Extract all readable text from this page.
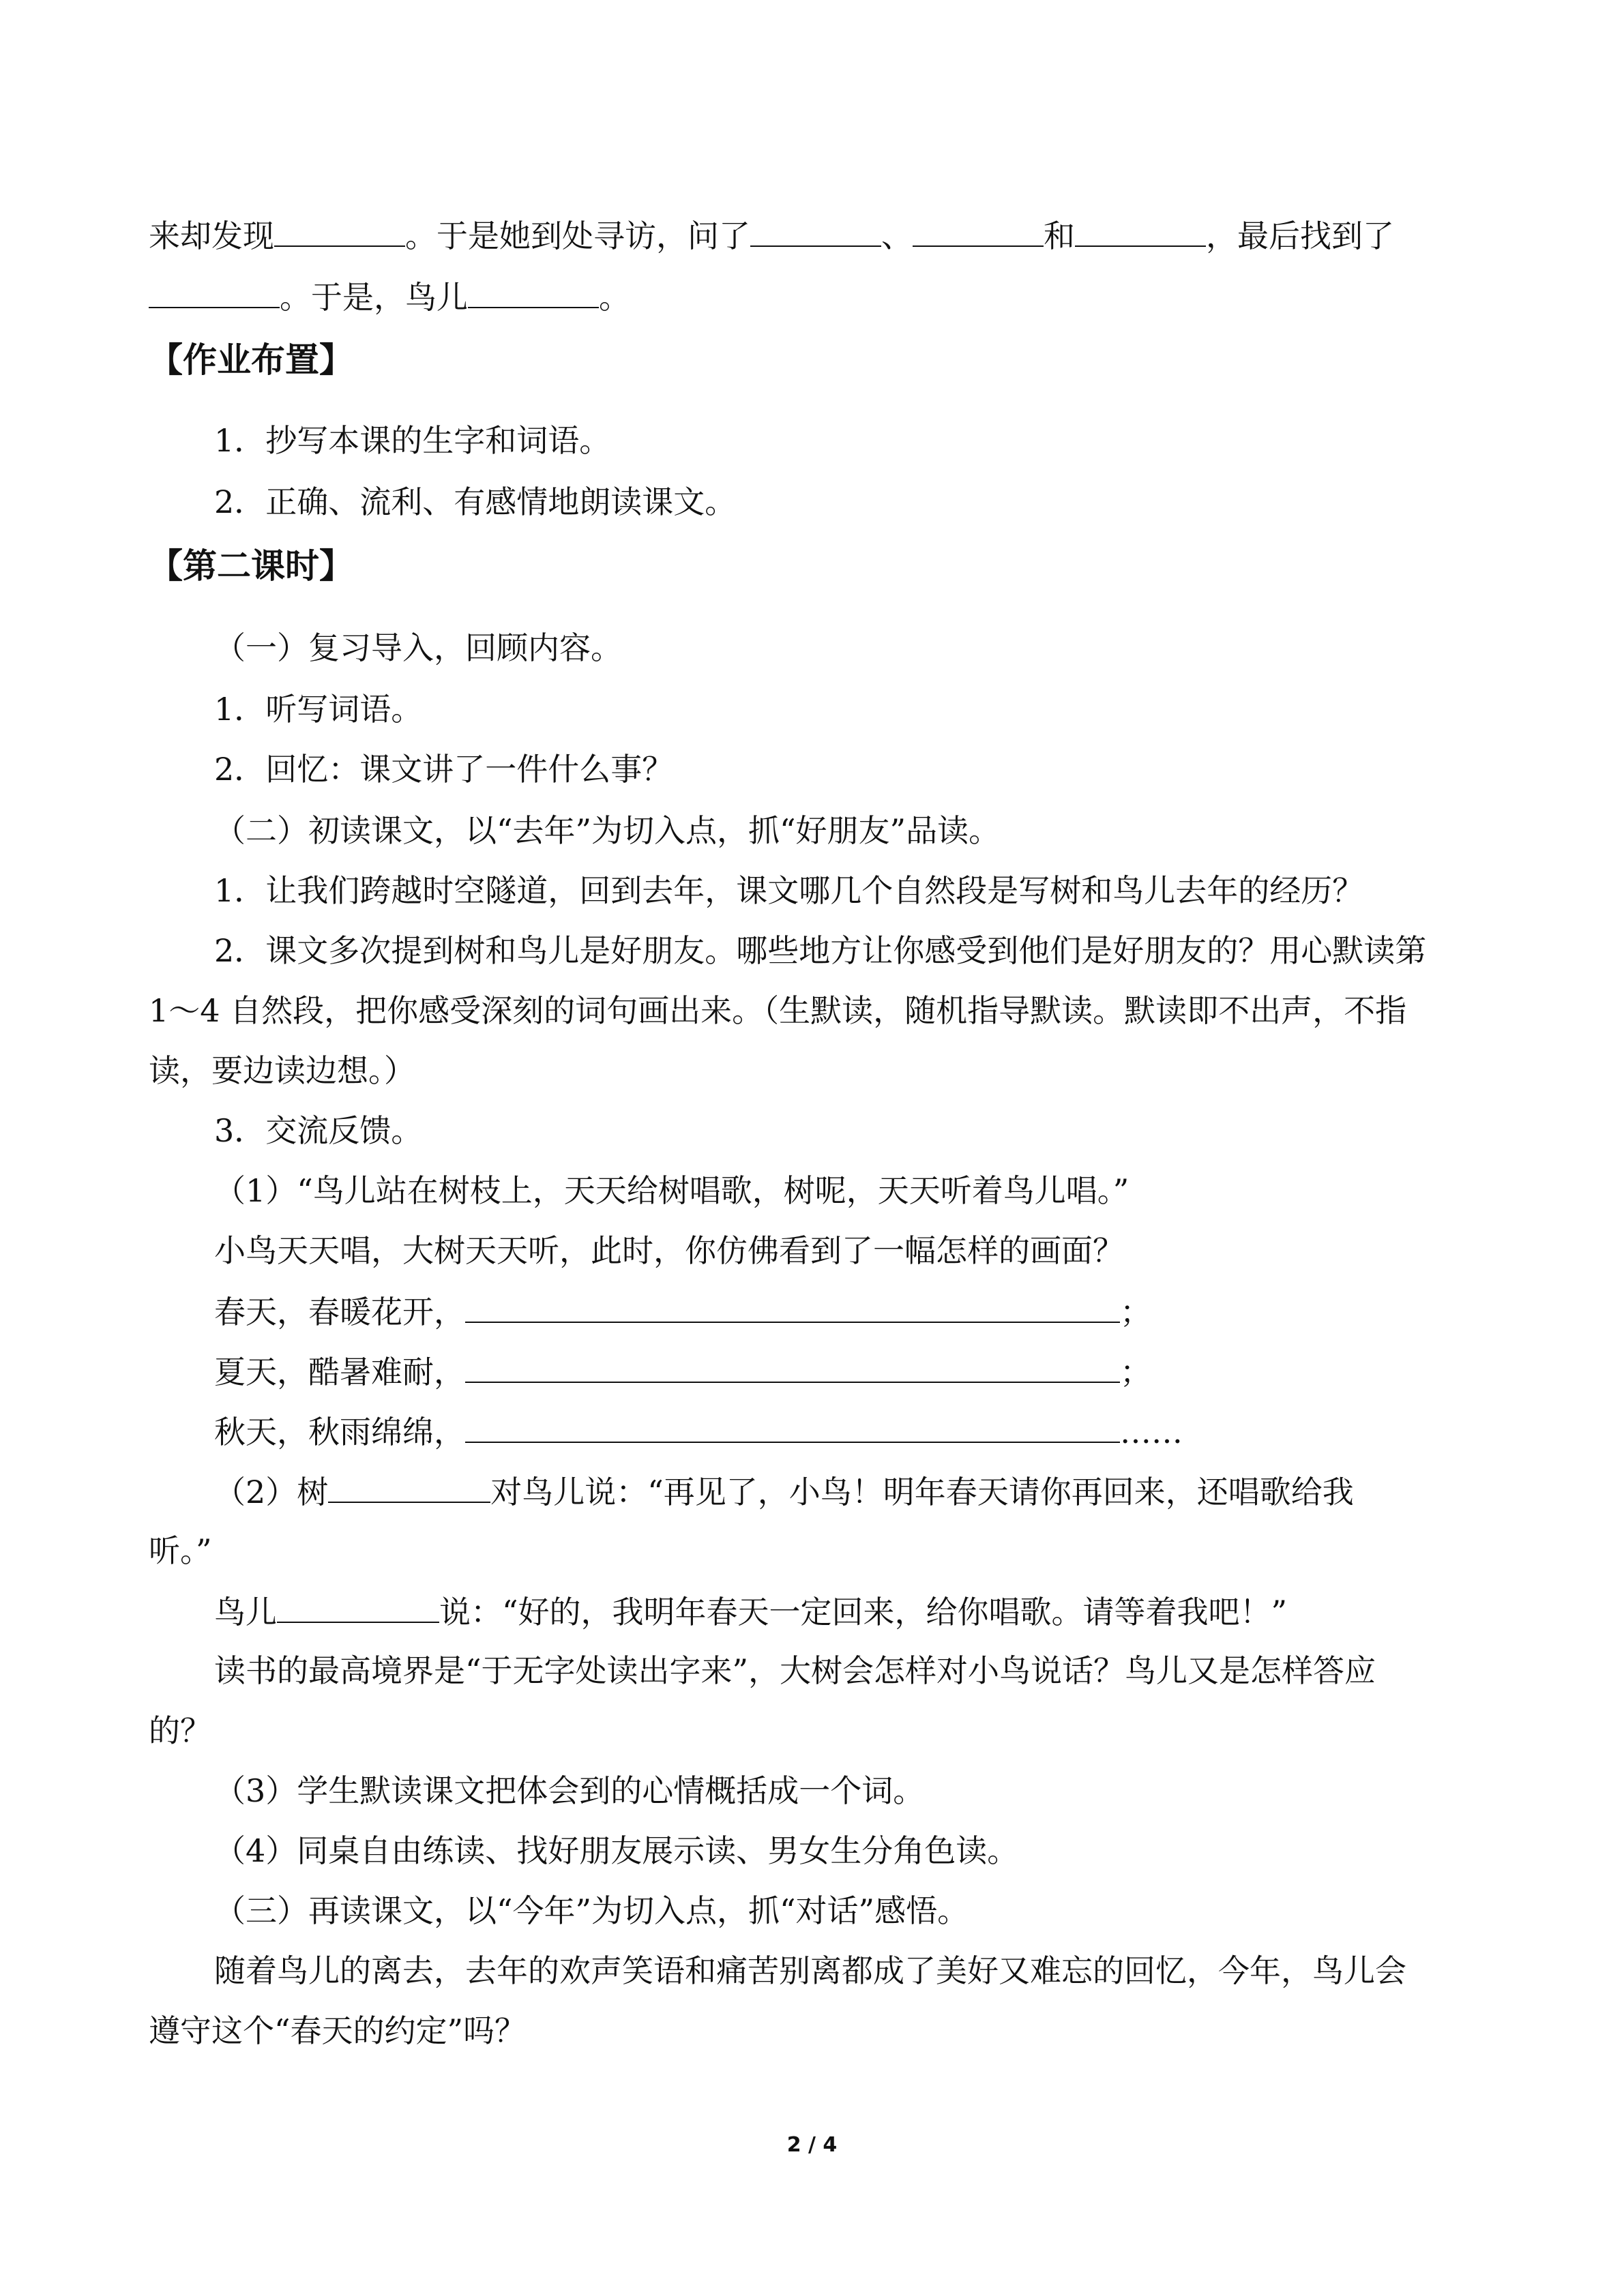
来却发现	。于是她到处寻访，问了	、	和	，最后找到了
。于是，鸟儿	。
【作业布置】
1．抄写本课的生字和词语。
2．正确、流利、有感情地朗读课文。
【第二课时】
（一）复习导入，回顾内容。
1．听写词语。
2．回忆：课文讲了一件什么事？
（二）初读课文，以“去年”为切入点，抓“好朋友”品读。
1．让我们跨越时空隧道，回到去年，课文哪几个自然段是写树和鸟儿去年的经历？
2．课文多次提到树和鸟儿是好朋友。哪些地方让你感受到他们是好朋友的？用心默读第
1～4 自然段，把你感受深刻的词句画出来。（生默读，随机指导默读。默读即不出声，不指
读，要边读边想。）
3．交流反馈。
（1）“鸟儿站在树枝上，天天给树唱歌，树呢，天天听着鸟儿唱。”
小鸟天天唱，大树天天听，此时，你仿佛看到了一幅怎样的画面？
春天，春暖花开，	；
夏天，酷暑难耐，	；
秋天，秋雨绵绵，	……
（2）树	对鸟儿说：“再见了，小鸟！明年春天请你再回来，还唱歌给我
听。”
鸟儿	说：“好的，我明年春天一定回来，给你唱歌。请等着我吧！”
读书的最高境界是“于无字处读出字来”，大树会怎样对小鸟说话？鸟儿又是怎样答应
的？
（3）学生默读课文把体会到的心情概括成一个词。
（4）同桌自由练读、找好朋友展示读、男女生分角色读。
（三）再读课文，以“今年”为切入点，抓“对话”感悟。
随着鸟儿的离去，去年的欢声笑语和痛苦别离都成了美好又难忘的回忆，今年，鸟儿会
遵守这个“春天的约定”吗？
2 / 4
